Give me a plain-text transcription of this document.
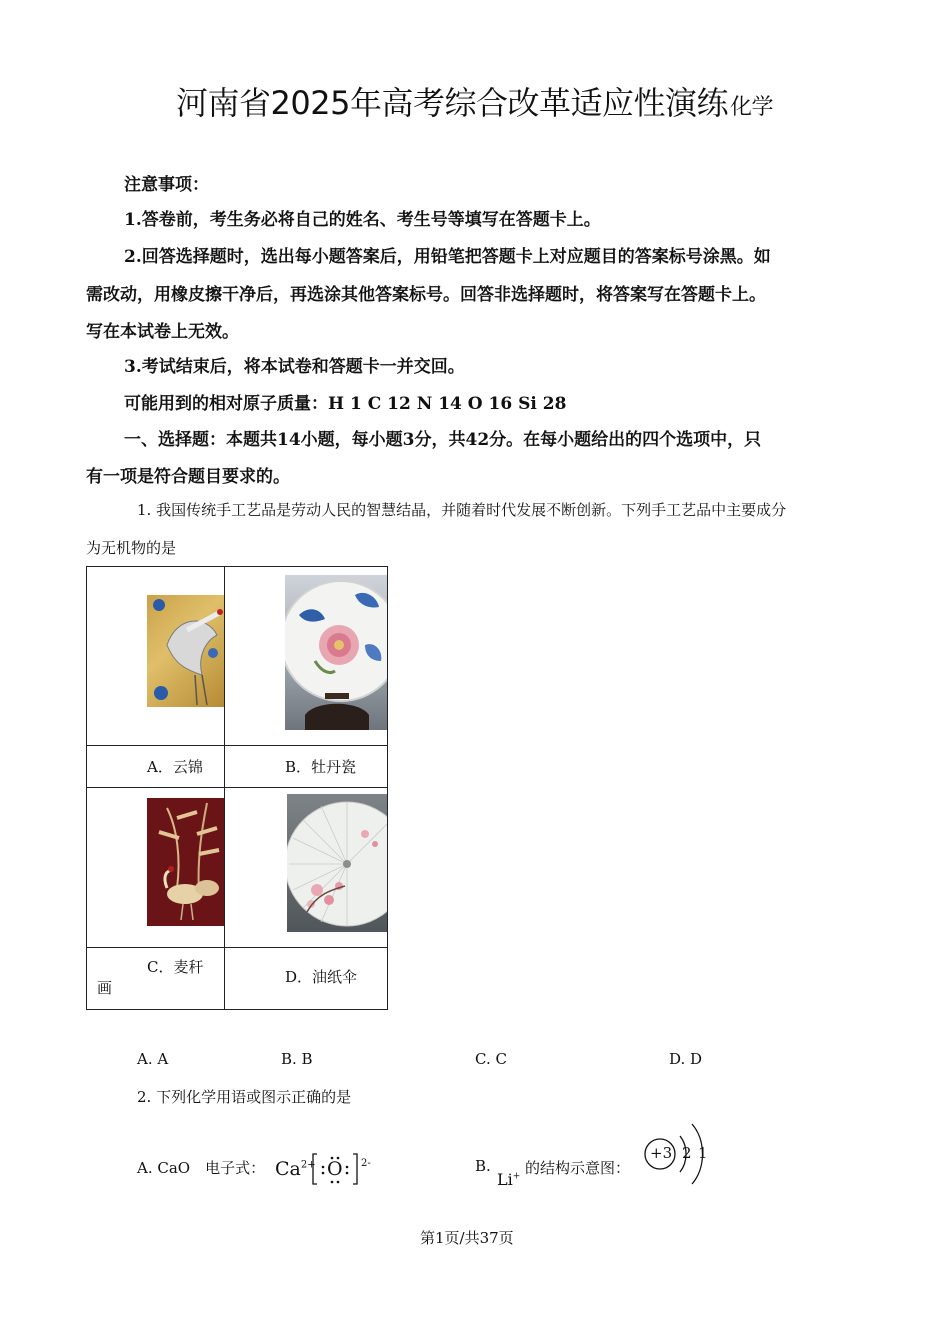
河南省2025年高考综合改革适应性演练化学
注意事项：
1.答卷前，考生务必将自己的姓名、考生号等填写在答题卡上。
2.回答选择题时，选出每小题答案后，用铅笔把答题卡上对应题目的答案标号涂黑。如
需改动，用橡皮擦干净后，再选涂其他答案标号。回答非选择题时，将答案写在答题卡上。
写在本试卷上无效。
3.考试结束后，将本试卷和答题卡一并交回。
可能用到的相对原子质量：H 1 C 12 N 14 O 16 Si 28
一、选择题：本题共14小题，每小题3分，共42分。在每小题给出的四个选项中，只
有一项是符合题目要求的。
1. 我国传统手工艺品是劳动人民的智慧结晶，并随着时代发展不断创新。下列手工艺品中主要成分
为无机物的是

A．云锦	B．牡丹瓷

C．麦秆
画	D．油纸伞
A. A	B. B	C. C	D. D
2. 下列化学用语或图示正确的是
A. CaO　电子式： $Ca^{2+}$ O 2-	B.
Li+ 的结构示意图：
+3 2 1
第1页/共37页
